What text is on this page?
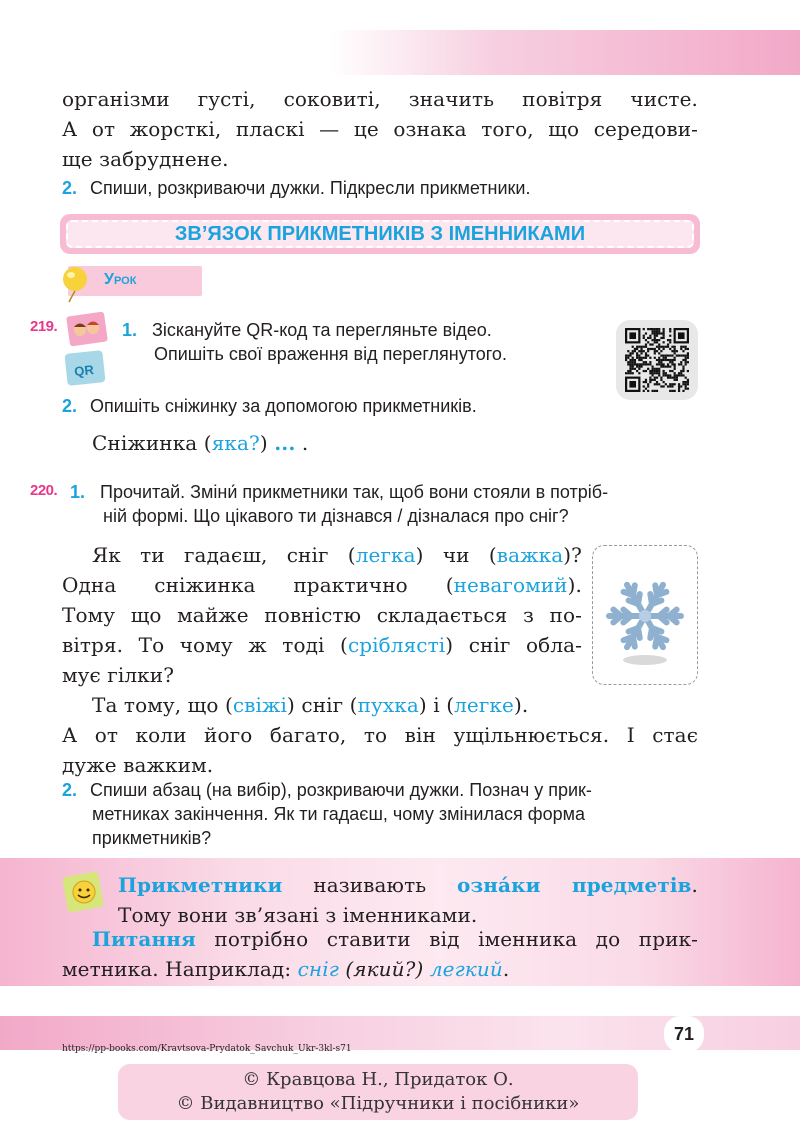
організми густі, соковиті, значить повітря чисте.
А от жорсткі, пласкі — це ознака того, що середови-
ще забруднене.
2. Спиши, розкриваючи дужки. Підкресли прикметники.
ЗВ’ЯЗОК ПРИКМЕТНИКІВ З ІМЕННИКАМИ
Урок
219.
QR
1. Зіскануйте QR-код та перегляньте відео.
Опишіть свої враження від переглянутого.
2. Опишіть сніжинку за допомогою прикметників.
Сніжинка (яка?) ... .
220. 1. Прочитай. Зміни́ прикметники так, щоб вони стояли в потріб-
ній формі. Що цікавого ти дізнався / дізналася про сніг?
Як ти гадаєш, сніг (легка) чи (важка)?
Одна сніжинка практично (невагомий).
Тому що майже повністю складається з по-
вітря. То чому ж тоді (сріблясті) сніг обла-
мує гілки?
Та тому, що (свіжі) сніг (пухка) і (легке).
А от коли його багато, то він ущільнюється. І стає
дуже важким.
2. Спиши абзац (на вибір), розкриваючи дужки. Познач у прик-
метниках закінчення. Як ти гадаєш, чому змінилася форма
прикметників?
Прикметники називають озна́ки предметів.
Тому вони зв’язані з іменниками.
Питання потрібно ставити від іменника до прик-
метника. Наприклад: сніг (який?) легкий.
https://pp-books.com/Kravtsova-Prydatok_Savchuk_Ukr-3kl-s71
71
© Кравцова Н., Придаток О.
© Видавництво «Підручники і посібники»
